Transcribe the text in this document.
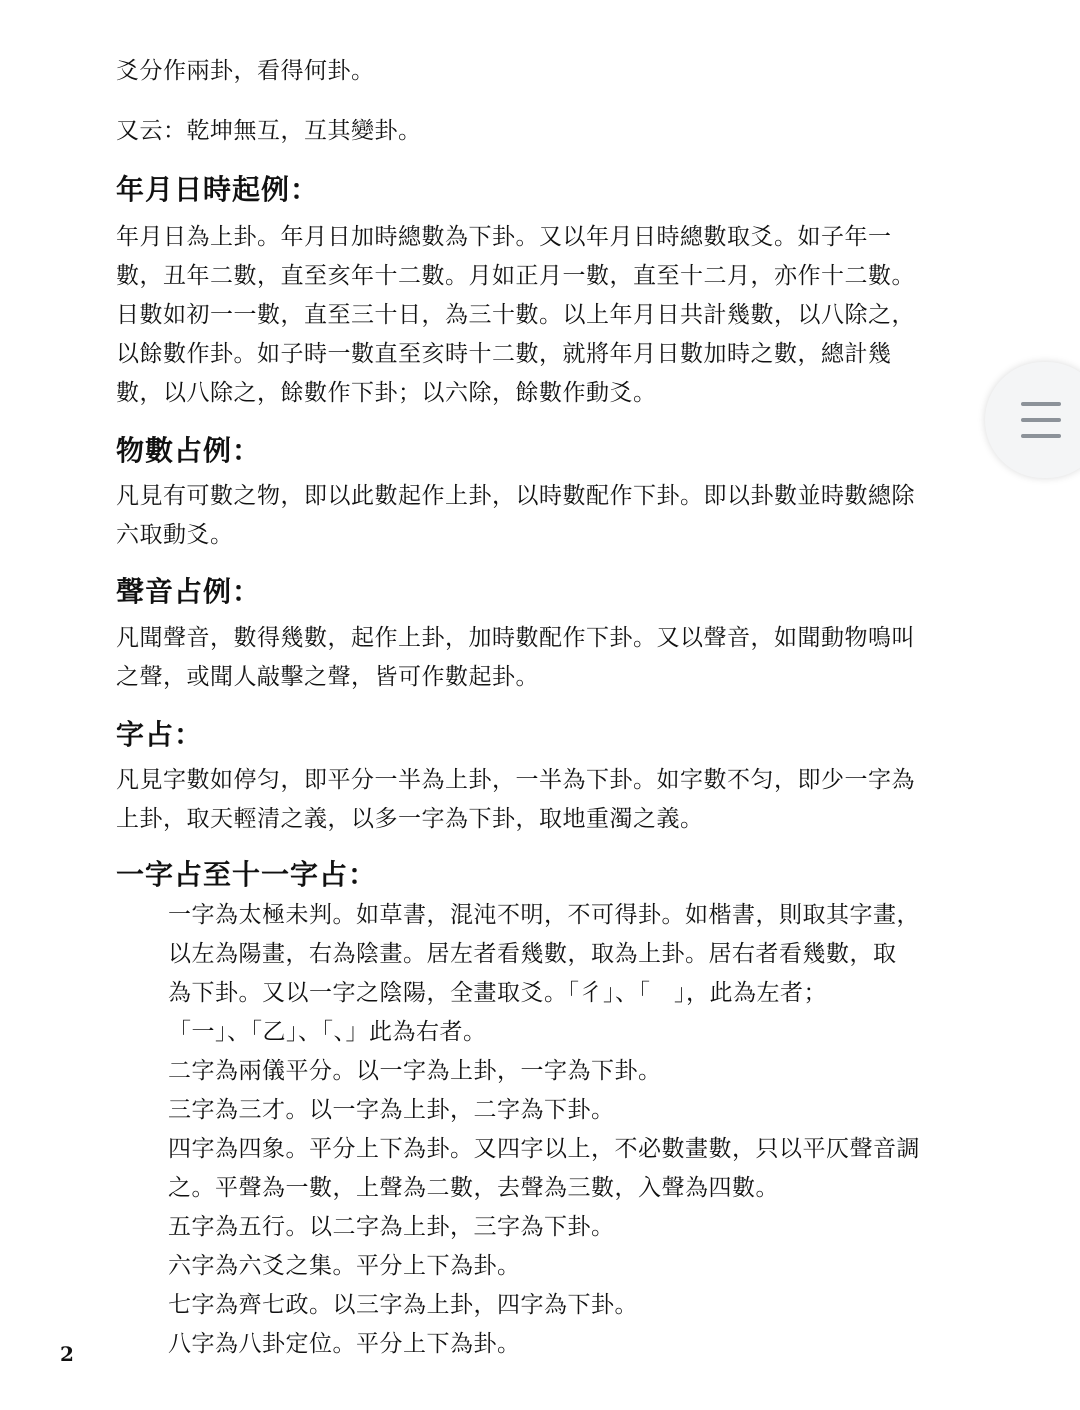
爻分作兩卦，看得何卦。
又云：乾坤無互，互其變卦。
年月日時起例：
年月日為上卦。年月日加時總數為下卦。又以年月日時總數取爻。如子年一
數，丑年二數，直至亥年十二數。月如正月一數，直至十二月，亦作十二數。
日數如初一一數，直至三十日，為三十數。以上年月日共計幾數，以八除之，
以餘數作卦。如子時一數直至亥時十二數，就將年月日數加時之數，總計幾
數，以八除之，餘數作下卦；以六除，餘數作動爻。
物數占例：
凡見有可數之物，即以此數起作上卦，以時數配作下卦。即以卦數並時數總除
六取動爻。
聲音占例：
凡聞聲音，數得幾數，起作上卦，加時數配作下卦。又以聲音，如聞動物鳴叫
之聲，或聞人敲擊之聲，皆可作數起卦。
字占：
凡見字數如停匀，即平分一半為上卦，一半為下卦。如字數不匀，即少一字為
上卦，取天輕清之義，以多一字為下卦，取地重濁之義。
一字占至十一字占：
一字為太極未判。如草書，混沌不明，不可得卦。如楷書，則取其字畫，
以左為陽畫，右為陰畫。居左者看幾數，取為上卦。居右者看幾數，取
為下卦。又以一字之陰陽，全畫取爻。「彳」、「　」，此為左者；
「一」、「乙」、「、」此為右者。
二字為兩儀平分。以一字為上卦，一字為下卦。
三字為三才。以一字為上卦，二字為下卦。
四字為四象。平分上下為卦。又四字以上，不必數畫數，只以平仄聲音調
之。平聲為一數，上聲為二數，去聲為三數，入聲為四數。
五字為五行。以二字為上卦，三字為下卦。
六字為六爻之集。平分上下為卦。
七字為齊七政。以三字為上卦，四字為下卦。
八字為八卦定位。平分上下為卦。
2
